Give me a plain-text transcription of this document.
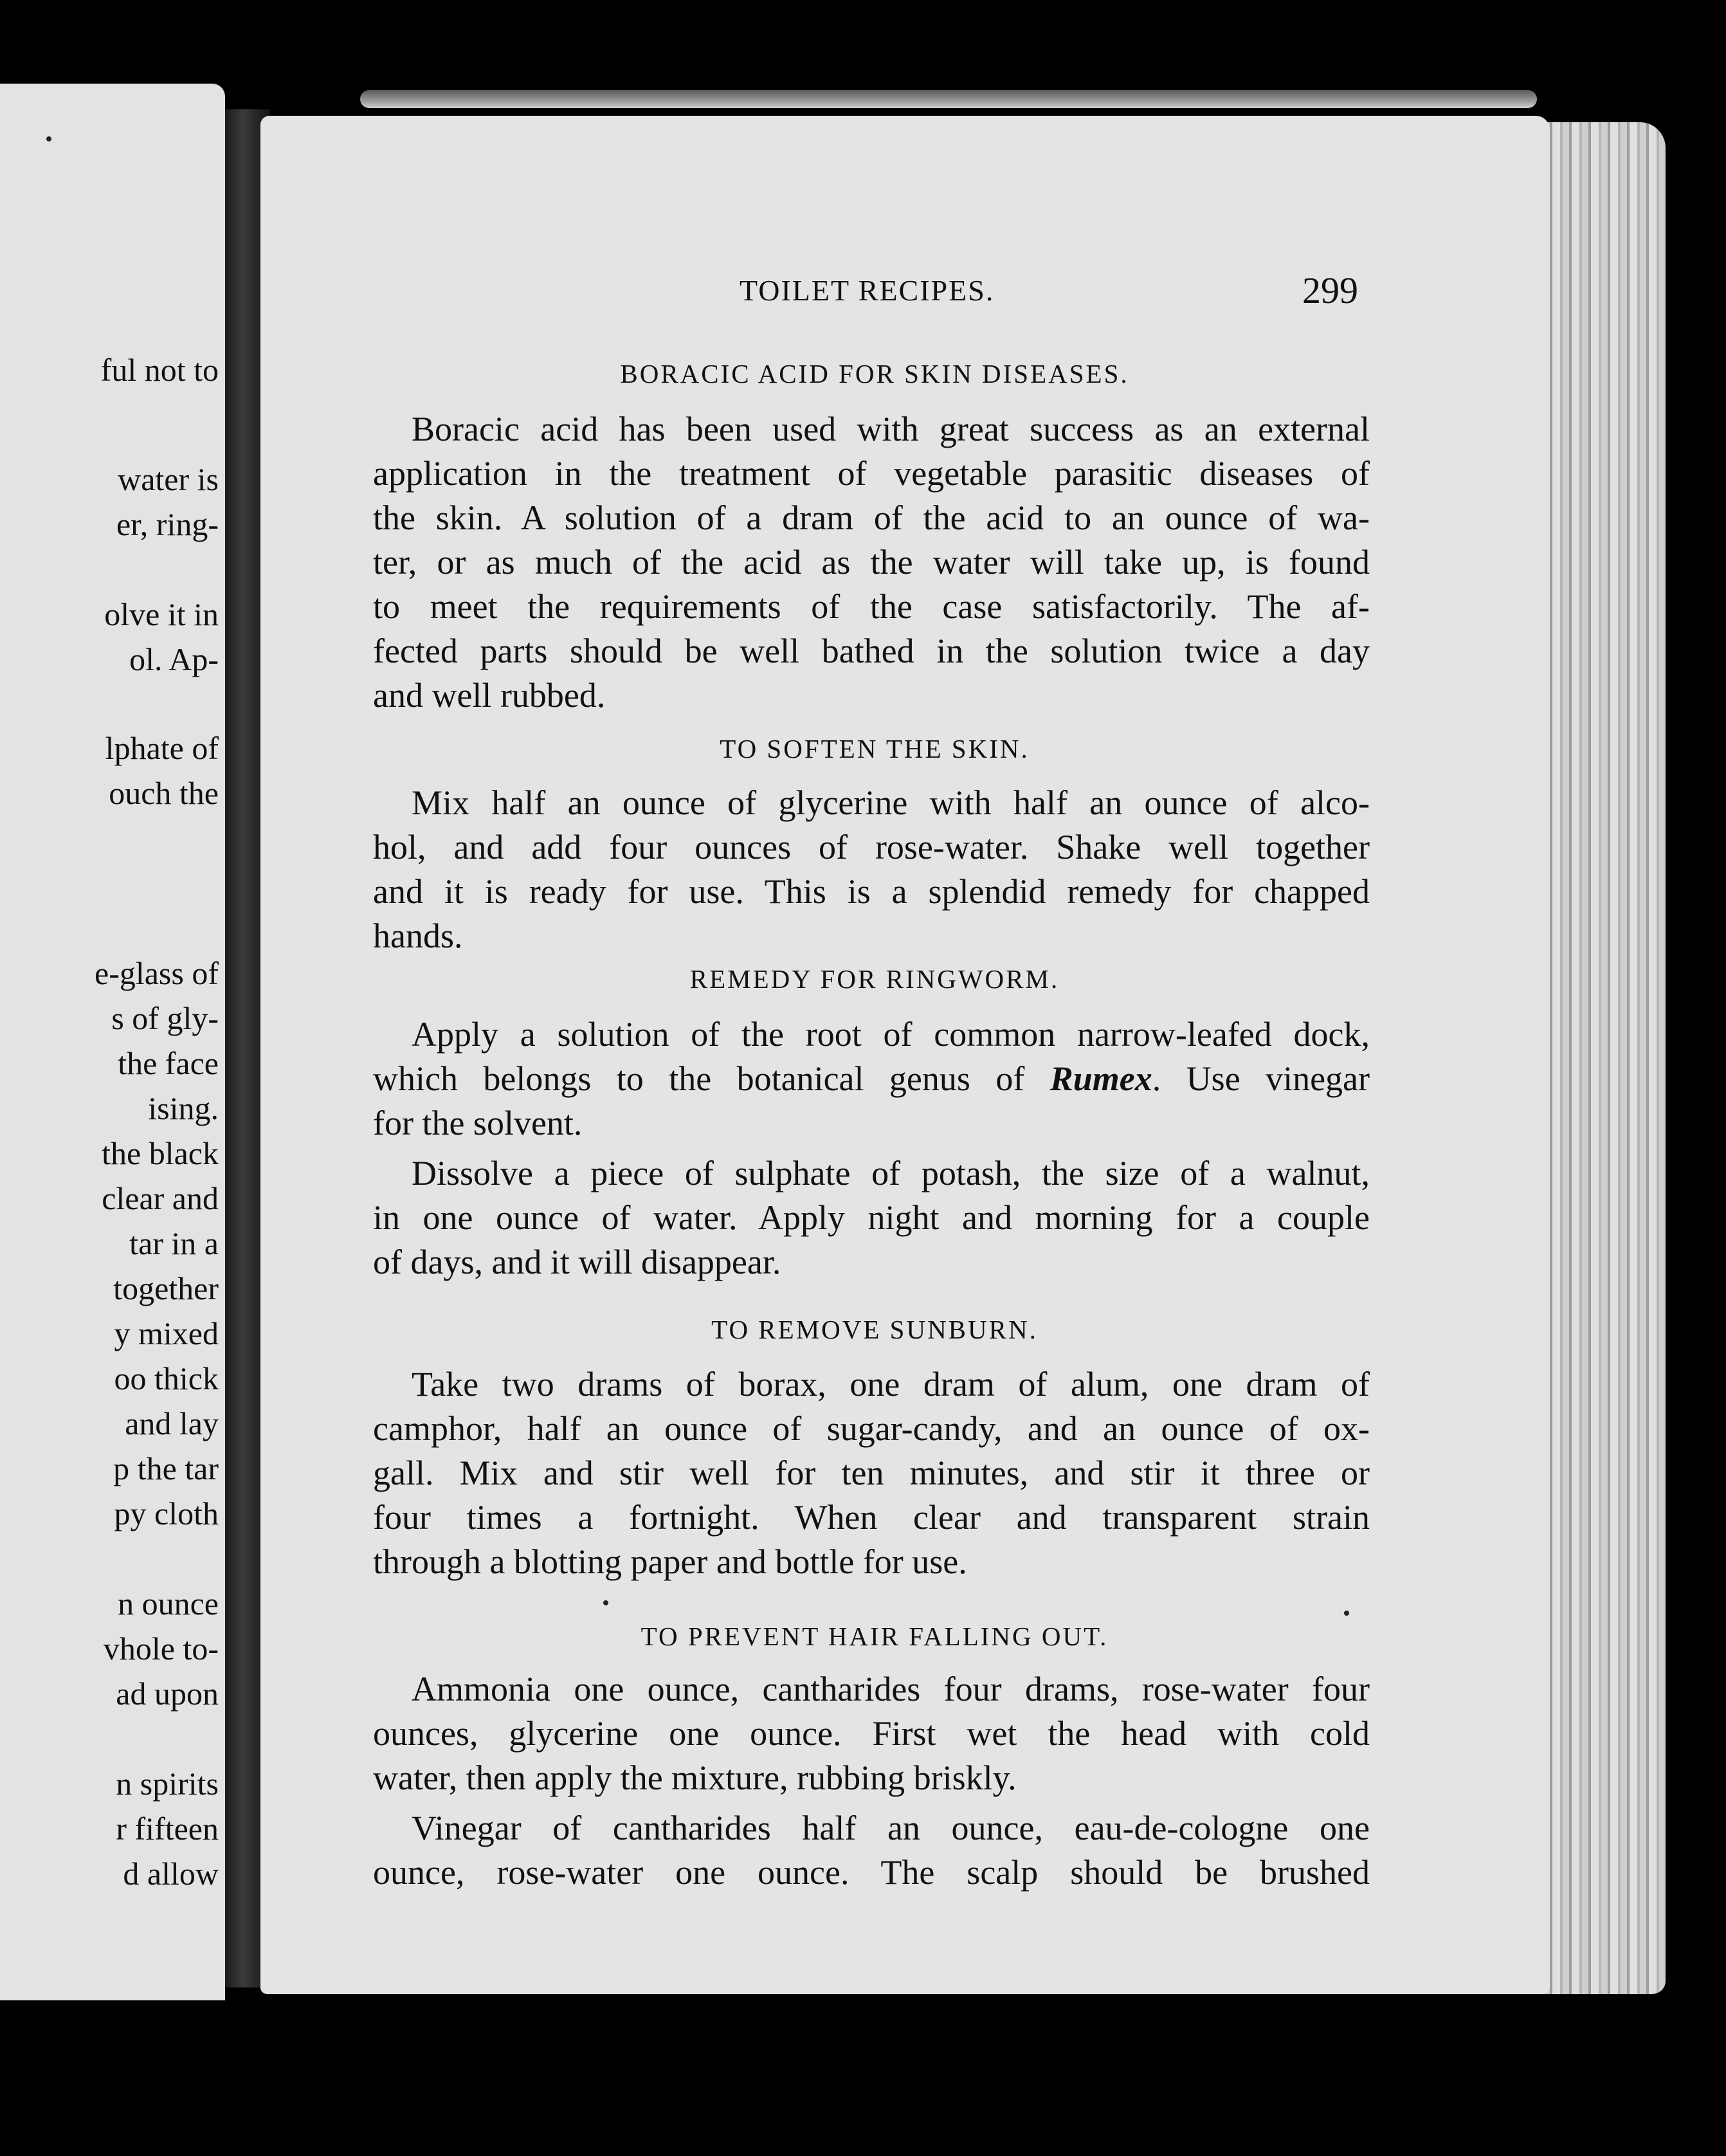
ful not to
water is
er, ring-
olve it in
ol. Ap-
lphate of
ouch the
e-glass of
s of gly-
the face
ising.
the black
clear and
tar in a
together
y mixed
oo thick
and lay
p the tar
py cloth
n ounce
vhole to-
ad upon
n spirits
r fifteen
d allow
TOILET RECIPES.	299
BORACIC ACID FOR SKIN DISEASES.
Boracic acid has been used with great success as an external
application in the treatment of vegetable parasitic diseases of
the skin. A solution of a dram of the acid to an ounce of wa-
ter, or as much of the acid as the water will take up, is found
to meet the requirements of the case satisfactorily. The af-
fected parts should be well bathed in the solution twice a day
and well rubbed.
TO SOFTEN THE SKIN.
Mix half an ounce of glycerine with half an ounce of alco-
hol, and add four ounces of rose-water. Shake well together
and it is ready for use. This is a splendid remedy for chapped
hands.
REMEDY FOR RINGWORM.
Apply a solution of the root of common narrow-leafed dock,
which belongs to the botanical genus of Rumex. Use vinegar
for the solvent.
Dissolve a piece of sulphate of potash, the size of a walnut,
in one ounce of water. Apply night and morning for a couple
of days, and it will disappear.
TO REMOVE SUNBURN.
Take two drams of borax, one dram of alum, one dram of
camphor, half an ounce of sugar-candy, and an ounce of ox-
gall. Mix and stir well for ten minutes, and stir it three or
four times a fortnight. When clear and transparent strain
through a blotting paper and bottle for use.
TO PREVENT HAIR FALLING OUT.
Ammonia one ounce, cantharides four drams, rose-water four
ounces, glycerine one ounce. First wet the head with cold
water, then apply the mixture, rubbing briskly.
Vinegar of cantharides half an ounce, eau-de-cologne one
ounce, rose-water one ounce. The scalp should be brushed
